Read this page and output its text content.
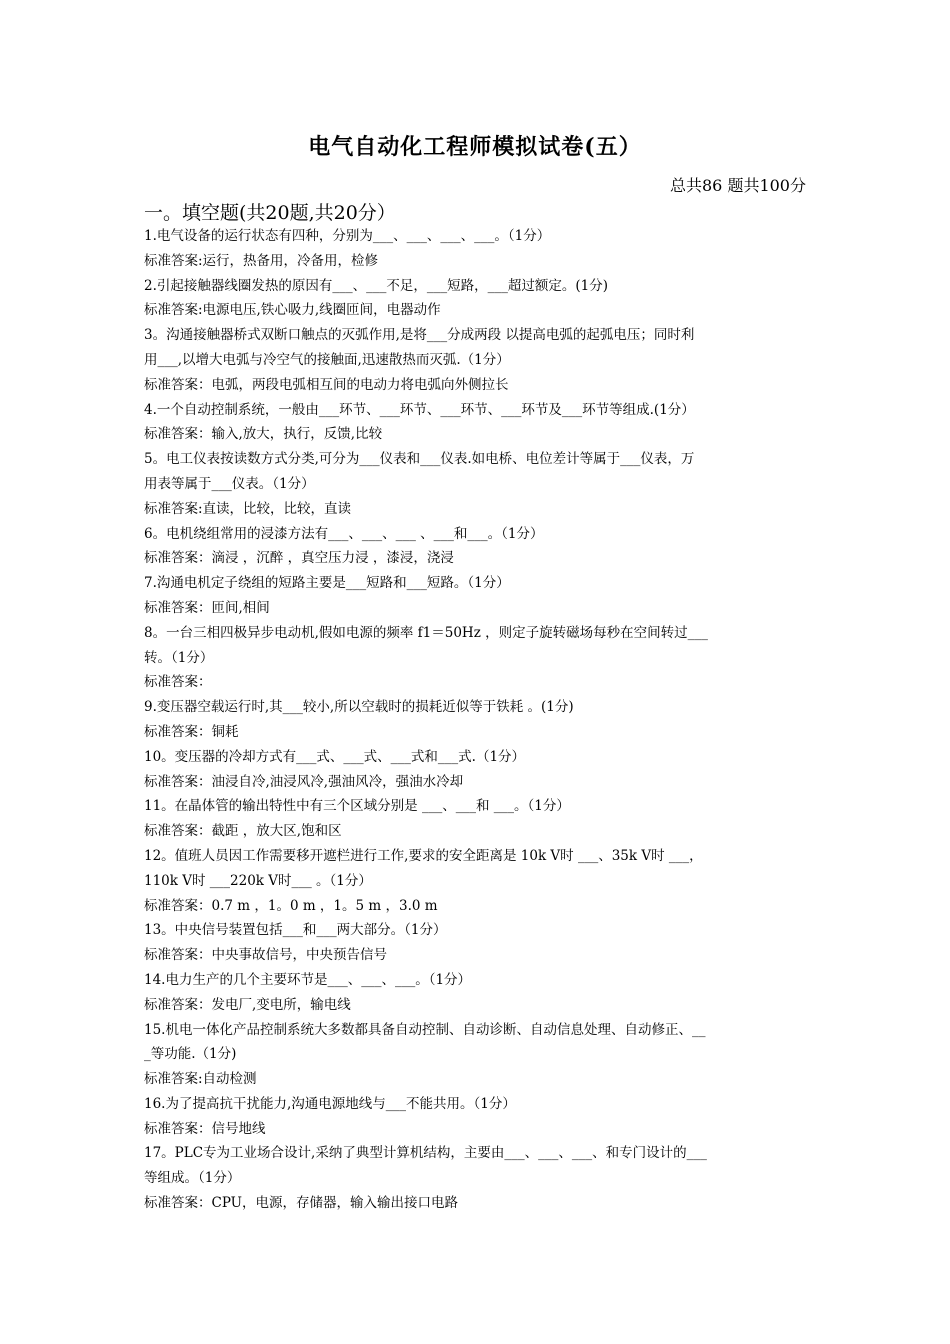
电气自动化工程师模拟试卷(五）
总共86 题共100分
一。填空题(共20题,共20分）
1.电气设备的运行状态有四种，分别为___、___、___、___。（1分）
标准答案:运行，热备用，冷备用，检修
2.引起接触器线圈发热的原因有___、___不足，___短路，___超过额定。(1分)
标准答案:电源电压,铁心吸力,线圈匝间，电器动作
3。沟通接触器桥式双断口触点的灭弧作用,是将___分成两段 以提高电弧的起弧电压；同时利
用___,以增大电弧与冷空气的接触面,迅速散热而灭弧.（1分）
标准答案：电弧，两段电弧相互间的电动力将电弧向外侧拉长
4.一个自动控制系统，一般由___环节、___环节、___环节、___环节及___环节等组成.(1分）
标准答案：输入,放大，执行，反馈,比较
5。电工仪表按读数方式分类,可分为___仪表和___仪表.如电桥、电位差计等属于___仪表，万
用表等属于___仪表。（1分）
标准答案:直读，比较，比较，直读
6。电机绕组常用的浸漆方法有___、___、___ 、___和___。（1分）
标准答案：滴浸 ，沉醉 ，真空压力浸 ，漆浸，浇浸
7.沟通电机定子绕组的短路主要是___短路和___短路。（1分）
标准答案：匝间,相间
8。一台三相四极异步电动机,假如电源的频率 f1＝50Hz ，则定子旋转磁场每秒在空间转过___
转。（1分）
标准答案：
9.变压器空载运行时,其___较小,所以空载时的损耗近似等于铁耗 。(1分)
标准答案：铜耗
10。变压器的冷却方式有___式、___式、___式和___式.（1分）
标准答案：油浸自冷,油浸风冷,强油风冷，强油水冷却
11。在晶体管的输出特性中有三个区域分别是 ___、___和 ___。（1分）
标准答案：截距 ，放大区,饱和区
12。值班人员因工作需要移开遮栏进行工作,要求的安全距离是 10k V时 ___、35k V时 ___，
110k V时 ___220k V时___ 。（1分）
标准答案：0.7 m ，1。0 m ，1。5 m ，3.0 m
13。中央信号装置包括___和___两大部分。（1分）
标准答案：中央事故信号，中央预告信号
14.电力生产的几个主要环节是___、___、___。（1分）
标准答案：发电厂,变电所，输电线
15.机电一体化产品控制系统大多数都具备自动控制、自动诊断、自动信息处理、自动修正、__
_等功能.（1分)
标准答案:自动检测
16.为了提高抗干扰能力,沟通电源地线与___不能共用。（1分）
标准答案：信号地线
17。PLC专为工业场合设计,采纳了典型计算机结构，主要由___、___、___、和专门设计的___
等组成。（1分）
标准答案：CPU，电源，存储器，输入输出接口电路
